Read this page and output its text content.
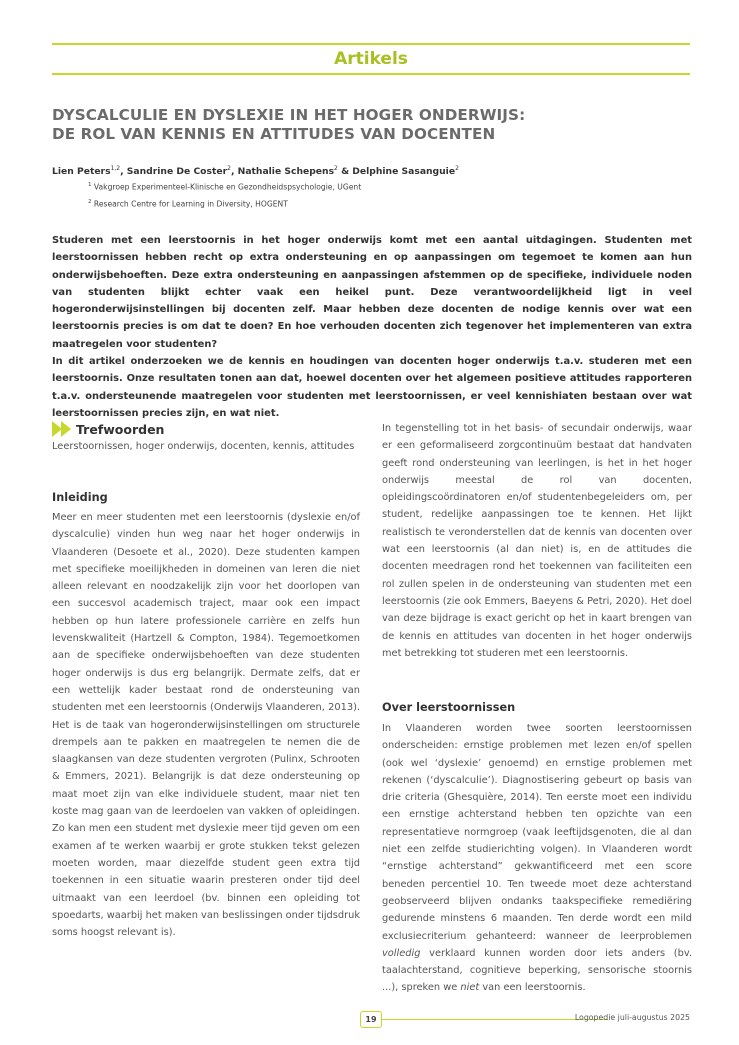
Artikels
DYSCALCULIE EN DYSLEXIE IN HET HOGER ONDERWIJS:
DE ROL VAN KENNIS EN ATTITUDES VAN DOCENTEN
Lien Peters$^{1,2}$, Sandrine De Coster$^2$, Nathalie Schepens$^2$ & Delphine Sasanguie$^2$
$^1$ Vakgroep Experimenteel-Klinische en Gezondheidspsychologie, UGent
$^2$ Research Centre for Learning in Diversity, HOGENT

Studeren met een leerstoornis in het hoger onderwijs komt met een aantal uitdagingen. Studenten met leerstoornissen hebben recht op extra ondersteuning en op aanpassingen om tegemoet te komen aan hun onderwijsbehoeften. Deze extra ondersteuning en aanpassingen afstemmen op de specifieke, individuele noden van studenten blijkt echter vaak een heikel punt. Deze verantwoordelijkheid ligt in veel hogeronderwijsinstellingen bij docenten zelf. Maar hebben deze docenten de nodige kennis over wat een leerstoornis precies is om dat te doen? En hoe verhouden docenten zich tegenover het implementeren van extra maatregelen voor studenten?

In dit artikel onderzoeken we de kennis en houdingen van docenten hoger onderwijs t.a.v. studeren met een leerstoornis. Onze resultaten tonen aan dat, hoewel docenten over het algemeen positieve attitudes rapporteren t.a.v. ondersteunende maatregelen voor studenten met leerstoornissen, er veel kennishiaten bestaan over wat leerstoornissen precies zijn, en wat niet.

Trefwoorden
Leerstoornissen, hoger onderwijs, docenten, kennis, attitudes
Inleiding

Meer en meer studenten met een leerstoornis (dyslexie en/of dyscalculie) vinden hun weg naar het hoger onderwijs in Vlaanderen (Desoete et al., 2020). Deze studenten kampen met specifieke moeilijkheden in domeinen van leren die niet alleen relevant en noodzakelijk zijn voor het doorlopen van een succesvol academisch traject, maar ook een impact hebben op hun latere professionele carrière en zelfs hun levenskwaliteit (Hartzell & Compton, 1984). Tegemoetkomen aan de specifieke onderwijsbehoeften van deze studenten hoger onderwijs is dus erg belangrijk. Dermate zelfs, dat er een wettelijk kader bestaat rond de ondersteuning van studenten met een leerstoornis (Onderwijs Vlaanderen, 2013). Het is de taak van hogeronderwijsinstellingen om structurele drempels aan te pakken en maatregelen te nemen die de slaagkansen van deze studenten vergroten (Pulinx, Schrooten & Emmers, 2021). Belangrijk is dat deze ondersteuning op maat moet zijn van elke individuele student, maar niet ten koste mag gaan van de leerdoelen van vakken of opleidingen. Zo kan men een student met dyslexie meer tijd geven om een examen af te werken waarbij er grote stukken tekst gelezen moeten worden, maar diezelfde student geen extra tijd toekennen in een situatie waarin presteren onder tijd deel uitmaakt van een leerdoel (bv. binnen een opleiding tot spoedarts, waarbij het maken van beslissingen onder tijdsdruk soms hoogst relevant is).

In tegenstelling tot in het basis- of secundair onderwijs, waar er een geformaliseerd zorgcontinuüm bestaat dat handvaten geeft rond ondersteuning van leerlingen, is het in het hoger onderwijs meestal de rol van docenten, opleidingscoördinatoren en/of studentenbegeleiders om, per student, redelijke aanpassingen toe te kennen. Het lijkt realistisch te veronderstellen dat de kennis van docenten over wat een leerstoornis (al dan niet) is, en de attitudes die docenten meedragen rond het toekennen van faciliteiten een rol zullen spelen in de ondersteuning van studenten met een leerstoornis (zie ook Emmers, Baeyens & Petri, 2020). Het doel van deze bijdrage is exact gericht op het in kaart brengen van de kennis en attitudes van docenten in het hoger onderwijs met betrekking tot studeren met een leerstoornis.

Over leerstoornissen

In Vlaanderen worden twee soorten leerstoornissen onderscheiden: ernstige problemen met lezen en/of spellen (ook wel ‘dyslexie’ genoemd) en ernstige problemen met rekenen (‘dyscalculie’). Diagnostisering gebeurt op basis van drie criteria (Ghesquière, 2014). Ten eerste moet een individu een ernstige achterstand hebben ten opzichte van een representatieve normgroep (vaak leeftijdsgenoten, die al dan niet een zelfde studierichting volgen). In Vlaanderen wordt “ernstige achterstand” gekwantificeerd met een score beneden percentiel 10. Ten tweede moet deze achterstand geobserveerd blijven ondanks taakspecifieke remediëring gedurende minstens 6 maanden. Ten derde wordt een mild exclusiecriterium gehanteerd: wanneer de leerproblemen volledig verklaard kunnen worden door iets anders (bv. taalachterstand, cognitieve beperking, sensorische stoornis ...), spreken we niet van een leerstoornis.

19	Logopedie juli-augustus 2025
